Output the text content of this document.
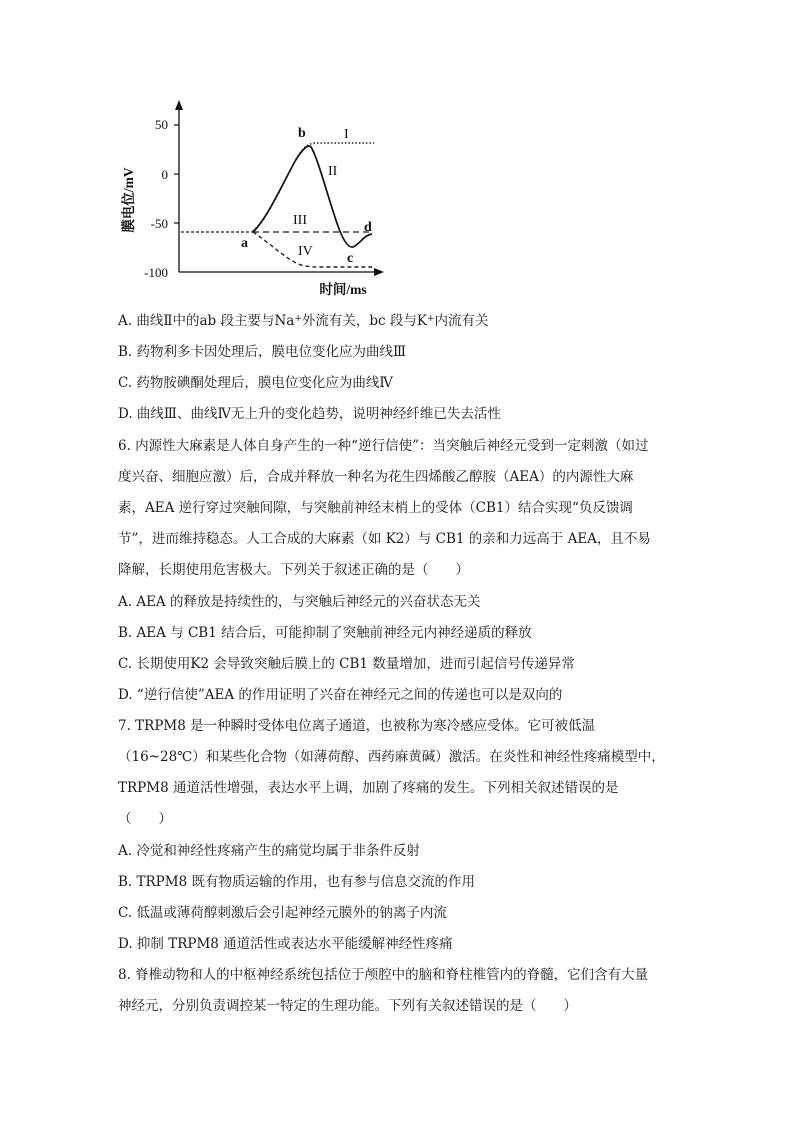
50
0
-50
-100
膜电位/mV
时间/ms
a
b
c
d
I
II
III
IV
A. 曲线Ⅱ中的ab 段主要与Na+外流有关，bc 段与K+内流有关
B. 药物利多卡因处理后，膜电位变化应为曲线Ⅲ
C. 药物胺碘酮处理后，膜电位变化应为曲线Ⅳ
D. 曲线Ⅲ、曲线Ⅳ无上升的变化趋势，说明神经纤维已失去活性
6. 内源性大麻素是人体自身产生的一种“逆行信使”：当突触后神经元受到一定刺激（如过
度兴奋、细胞应激）后，合成并释放一种名为花生四烯酸乙醇胺（AEA）的内源性大麻
素，AEA 逆行穿过突触间隙，与突触前神经末梢上的受体（CB1）结合实现“负反馈调
节”，进而维持稳态。人工合成的大麻素（如 K2）与 CB1 的亲和力远高于 AEA，且不易
降解，长期使用危害极大。下列关于叙述正确的是（　　）
A. AEA 的释放是持续性的，与突触后神经元的兴奋状态无关
B. AEA 与 CB1 结合后，可能抑制了突触前神经元内神经递质的释放
C. 长期使用K2 会导致突触后膜上的 CB1 数量增加，进而引起信号传递异常
D. “逆行信使”AEA 的作用证明了兴奋在神经元之间的传递也可以是双向的
7. TRPM8 是一种瞬时受体电位离子通道，也被称为寒冷感应受体。它可被低温
（16~28℃）和某些化合物（如薄荷醇、西药麻黄碱）激活。在炎性和神经性疼痛模型中，
TRPM8 通道活性增强，表达水平上调，加剧了疼痛的发生。下列相关叙述错误的是
（　　）
A. 冷觉和神经性疼痛产生的痛觉均属于非条件反射
B. TRPM8 既有物质运输的作用，也有参与信息交流的作用
C. 低温或薄荷醇刺激后会引起神经元膜外的钠离子内流
D. 抑制 TRPM8 通道活性或表达水平能缓解神经性疼痛
8. 脊椎动物和人的中枢神经系统包括位于颅腔中的脑和脊柱椎管内的脊髓，它们含有大量
神经元，分别负责调控某一特定的生理功能。下列有关叙述错误的是（　　）
